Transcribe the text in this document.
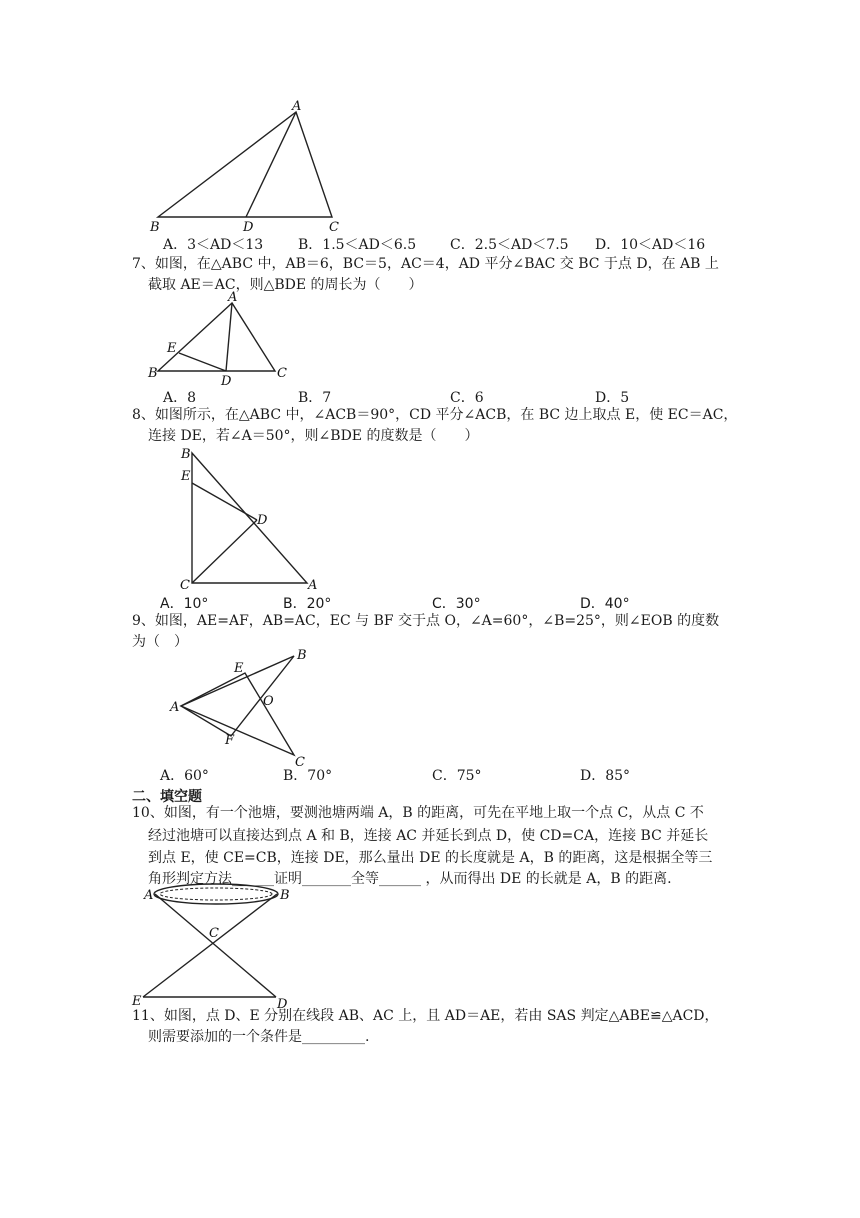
A
B	D	C
A．3＜AD＜13 B．1.5＜AD＜6.5 C．2.5＜AD＜7.5 D．10＜AD＜16
7、如图，在△ABC 中，AB＝6，BC＝5，AC＝4，AD 平分∠BAC 交 BC 于点 D，在 AB 上
截取 AE＝AC，则△BDE 的周长为（　　）
A
E
B
D
C
A．8	B．7	C．6	D．5
8、如图所示，在△ABC 中，∠ACB＝90°，CD 平分∠ACB，在 BC 边上取点 E，使 EC＝AC，
连接 DE，若∠A＝50°，则∠BDE 的度数是（　　）
B
E
D
C	A
A．10°	B．20°	C．30°	D．40°
9、如图，AE=AF，AB=AC，EC 与 BF 交于点 O，∠A=60°，∠B=25°，则∠EOB 的度数
为（　）
A
E
B
O
F
C
A．60°	B．70°	C．75°	D．85°
二、填空题
10、如图，有一个池塘，要测池塘两端 A，B 的距离，可先在平地上取一个点 C，从点 C 不
经过池塘可以直接达到点 A 和 B，连接 AC 并延长到点 D，使 CD=CA，连接 BC 并延长
到点 E，使 CE=CB，连接 DE，那么量出 DE 的长度就是 A，B 的距离，这是根据全等三
角形判定方法______证明_______全等______ ，从而得出 DE 的长就是 A，B 的距离.
A	B
C
E	D
11、如图，点 D、E 分别在线段 AB、AC 上，且 AD＝AE，若由 SAS 判定△ABE≌△ACD，
则需要添加的一个条件是_________.
